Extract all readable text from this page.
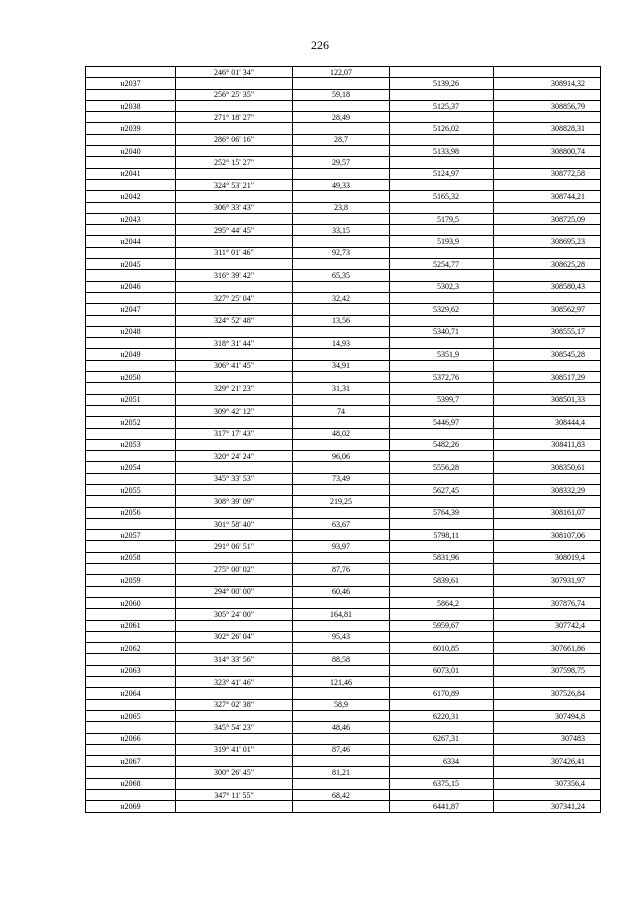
226
	246° 01' 34"	122,07		
н2037			5139,26	308914,32
	256° 25' 35"	59,18		
н2038			5125,37	308856,79
	271° 18' 27"	28,49		
н2039			5126,02	308828,31
	286° 06' 16"	28,7		
н2040			5133,98	308800,74
	252° 15' 27"	29,57		
н2041			5124,97	308772,58
	324° 53' 21"	49,33		
н2042			5165,32	308744,21
	306° 33' 43"	23,8		
н2043			5179,5	308725,09
	295° 44' 45"	33,15		
н2044			5193,9	308695,23
	311° 01' 46"	92,73		
н2045			5254,77	308625,28
	316° 39' 42"	65,35		
н2046			5302,3	308580,43
	327° 25' 04"	32,42		
н2047			5329,62	308562,97
	324° 52' 48"	13,56		
н2048			5340,71	308555,17
	318° 31' 44"	14,93		
н2049			5351,9	308545,28
	306° 41' 45"	34,91		
н2050			5372,76	308517,29
	329° 21' 23"	31,31		
н2051			5399,7	308501,33
	309° 42' 12"	74		
н2052			5446,97	308444,4
	317° 17' 43"	48,02		
н2053			5482,26	308411,83
	320° 24' 24"	96,06		
н2054			5556,28	308350,61
	345° 33' 53"	73,49		
н2055			5627,45	308332,29
	308° 39' 09"	219,25		
н2056			5764,39	308161,07
	301° 58' 40"	63,67		
н2057			5798,11	308107,06
	291° 06' 51"	93,97		
н2058			5831,96	308019,4
	275° 00' 02"	87,76		
н2059			5839,61	307931,97
	294° 00' 00"	60,46		
н2060			5864,2	307876,74
	305° 24' 00"	164,81		
н2061			5959,67	307742,4
	302° 26' 04"	95,43		
н2062			6010,85	307661,86
	314° 33' 56"	88,58		
н2063			6073,01	307598,75
	323° 41' 46"	121,46		
н2064			6170,89	307526,84
	327° 02' 38"	58,9		
н2065			6220,31	307494,8
	345° 54' 23"	48,46		
н2066			6267,31	307483
	319° 41' 01"	87,46		
н2067			6334	307426,41
	300° 26' 45"	81,21		
н2068			6375,15	307356,4
	347° 11' 55"	68,42		
н2069			6441,87	307341,24
